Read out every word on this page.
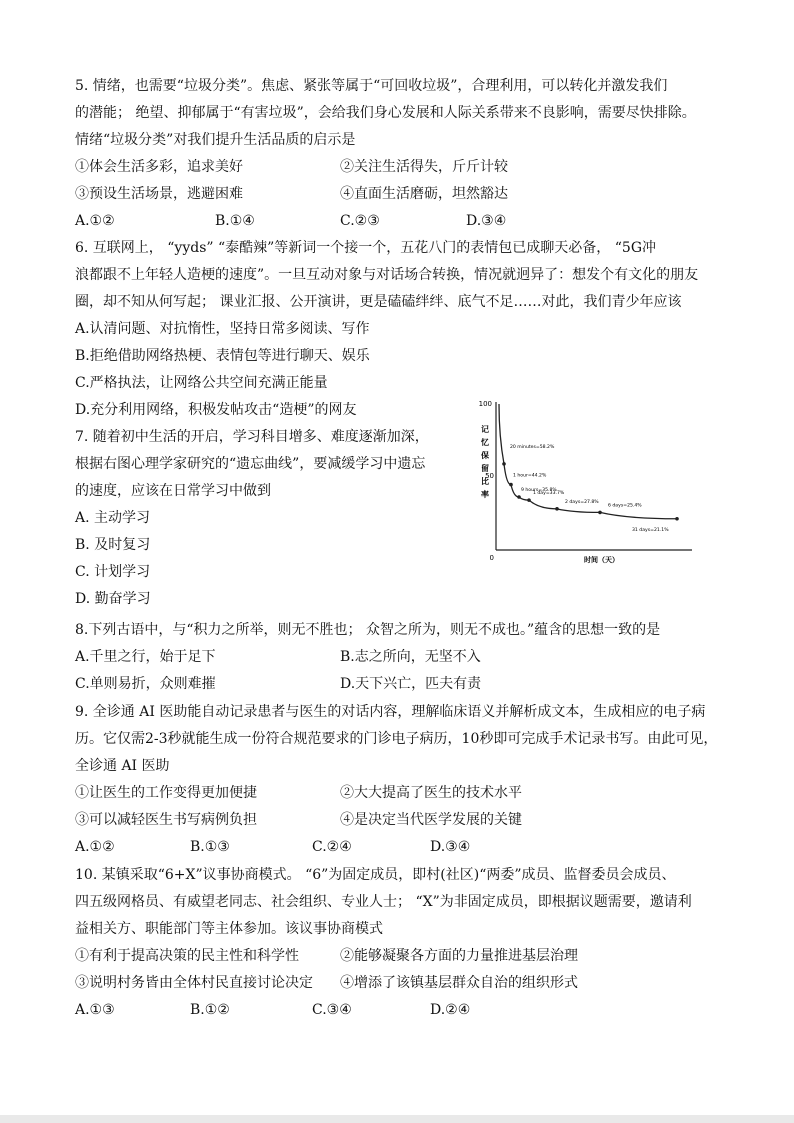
5. 情绪，也需要“垃圾分类”。焦虑、紧张等属于“可回收垃圾”，合理利用，可以转化并激发我们
的潜能； 绝望、抑郁属于“有害垃圾”，会给我们身心发展和人际关系带来不良影响，需要尽快排除。
情绪“垃圾分类”对我们提升生活品质的启示是
①体会生活多彩，追求美好	②关注生活得失，斤斤计较
③预设生活场景，逃避困难	④直面生活磨砺，坦然豁达
A.①②	B.①④	C.②③	D.③④
6. 互联网上， “yyds” “泰酷辣”等新词一个接一个，五花八门的表情包已成聊天必备， “5G冲
浪都跟不上年轻人造梗的速度”。一旦互动对象与对话场合转换，情况就迥异了：想发个有文化的朋友
圈，却不知从何写起； 课业汇报、公开演讲，更是磕磕绊绊、底气不足……对此，我们青少年应该
A.认清问题、对抗惰性，坚持日常多阅读、写作
B.拒绝借助网络热梗、表情包等进行聊天、娱乐
C.严格执法，让网络公共空间充满正能量
D.充分利用网络，积极发帖攻击“造梗”的网友
7. 随着初中生活的开启，学习科目增多、难度逐渐加深，
根据右图心理学家研究的“遗忘曲线”，要减缓学习中遗忘
的速度，应该在日常学习中做到
A. 主动学习
B. 及时复习
C. 计划学习
D. 勤奋学习
100
50
0
记忆保留比率
时间（天）
20 minutes=58.2%
1 hour=44.2%
9 hours=35.8%
1 day=33.7%
2 days=27.8%
6 days=25.4%
31 days=21.1%
8.下列古语中，与“积力之所举，则无不胜也； 众智之所为，则无不成也。”蕴含的思想一致的是
A.千里之行，始于足下	B.志之所向，无坚不入
C.单则易折，众则难摧	D.天下兴亡，匹夫有责
9. 全诊通 AI 医助能自动记录患者与医生的对话内容，理解临床语义并解析成文本，生成相应的电子病
历。它仅需2-3秒就能生成一份符合规范要求的门诊电子病历，10秒即可完成手术记录书写。由此可见，
全诊通 AI 医助
①让医生的工作变得更加便捷	②大大提高了医生的技术水平
③可以减轻医生书写病例负担	④是决定当代医学发展的关键
A.①②	B.①③	C.②④	D.③④
10. 某镇采取“6+X”议事协商模式。 “6”为固定成员，即村(社区)“两委”成员、监督委员会成员、
四五级网格员、有威望老同志、社会组织、专业人士； “X”为非固定成员，即根据议题需要，邀请利
益相关方、职能部门等主体参加。该议事协商模式
①有利于提高决策的民主性和科学性	②能够凝聚各方面的力量推进基层治理
③说明村务皆由全体村民直接讨论决定 ④增添了该镇基层群众自治的组织形式
A.①③	B.①②	C.③④	D.②④
